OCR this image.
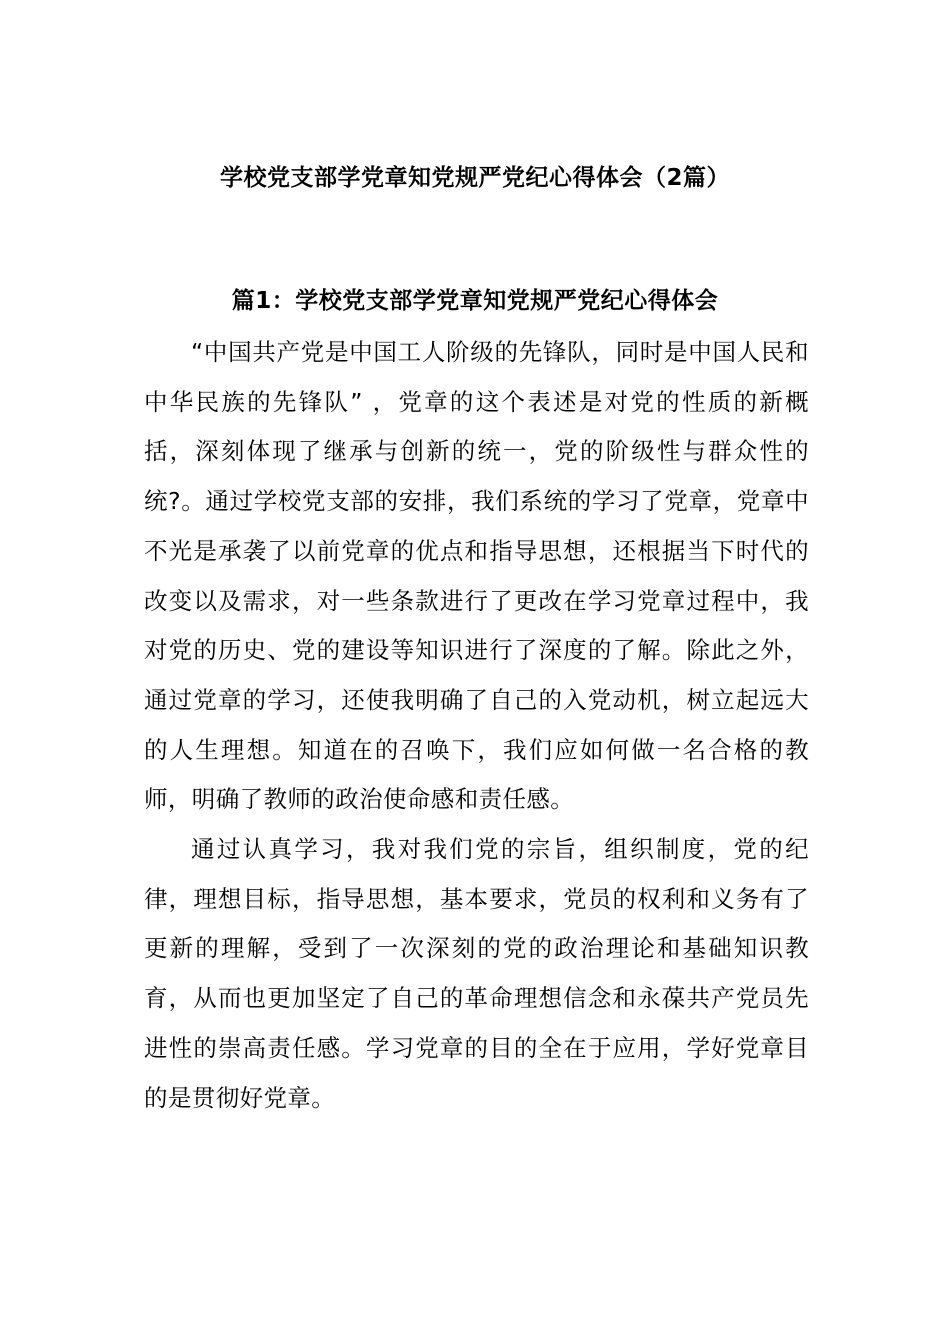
学校党支部学党章知党规严党纪心得体会（2篇）
篇1：学校党支部学党章知党规严党纪心得体会

“中国共产党是中国工人阶级的先锋队，同时是中国人民和中华民族的先锋队” ，党章的这个表述是对党的性质的新概括，深刻体现了继承与创新的统一，党的阶级性与群众性的统?。通过学校党支部的安排，我们系统的学习了党章，党章中不光是承袭了以前党章的优点和指导思想，还根据当下时代的改变以及需求，对一些条款进行了更改在学习党章过程中，我对党的历史、党的建设等知识进行了深度的了解。除此之外，通过党章的学习，还使我明确了自己的入党动机，树立起远大的人生理想。知道在的召唤下，我们应如何做一名合格的教师，明确了教师的政治使命感和责任感。

通过认真学习，我对我们党的宗旨，组织制度，党的纪律，理想目标，指导思想，基本要求，党员的权利和义务有了更新的理解，受到了一次深刻的党的政治理论和基础知识教育，从而也更加坚定了自己的革命理想信念和永葆共产党员先进性的崇高责任感。学习党章的目的全在于应用，学好党章目的是贯彻好党章。
